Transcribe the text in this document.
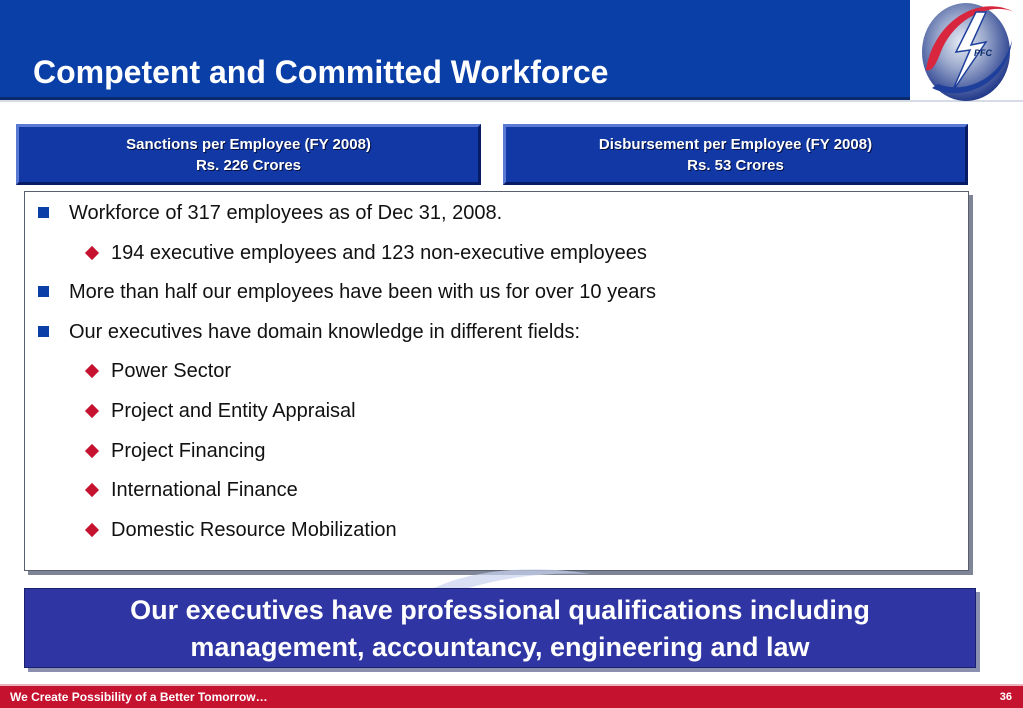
Competent and Committed Workforce
PFC
Sanctions per Employee (FY 2008)
Rs. 226 Crores
Disbursement per Employee (FY 2008)
Rs. 53 Crores
Workforce of 317 employees as of Dec 31, 2008.
194 executive employees and 123 non-executive employees
More than half our employees have been with us for over 10 years
Our executives have domain knowledge in different fields:
Power Sector
Project and Entity Appraisal
Project Financing
International Finance
Domestic Resource Mobilization
Our executives have professional qualifications including
management, accountancy, engineering and law
We Create Possibility of a Better Tomorrow…	36
